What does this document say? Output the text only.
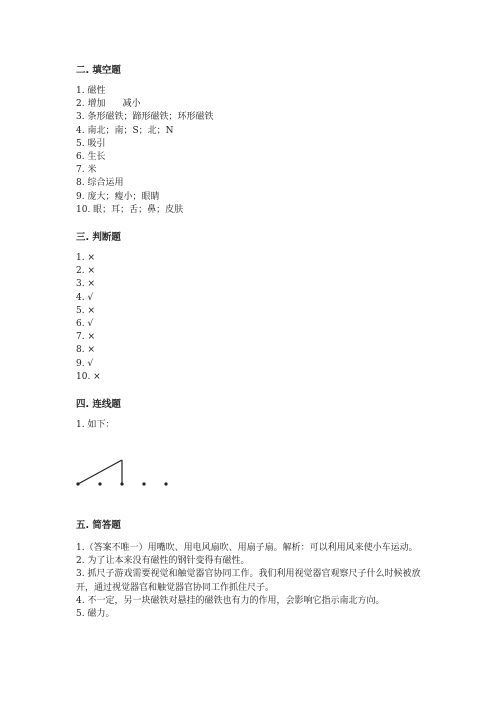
二. 填空题
1. 磁性
2. 增加      减小
3. 条形磁铁；蹄形磁铁；环形磁铁
4. 南北；南；S；北；N
5. 吸引
6. 生长
7. 米
8. 综合运用
9. 庞大；瘦小；眼睛
10. 眼；耳；舌；鼻；皮肤
三. 判断题
1. ×
2. ×
3. ×
4. √
5. ×
6. √
7. ×
8. ×
9. √
10. ×
四. 连线题
1. 如下：
五. 简答题
1.（答案不唯一）用嘴吹、用电风扇吹、用扇子扇。解析：可以利用风来使小车运动。
2. 为了让本来没有磁性的钢针变得有磁性。
3. 抓尺子游戏需要视觉和触觉器官协同工作。我们利用视觉器官观察尺子什么时候被放开，通过视觉器官和触觉器官协同工作抓住尺子。
4. 不一定，另一块磁铁对悬挂的磁铁也有力的作用，会影响它指示南北方向。
5. 磁力。
